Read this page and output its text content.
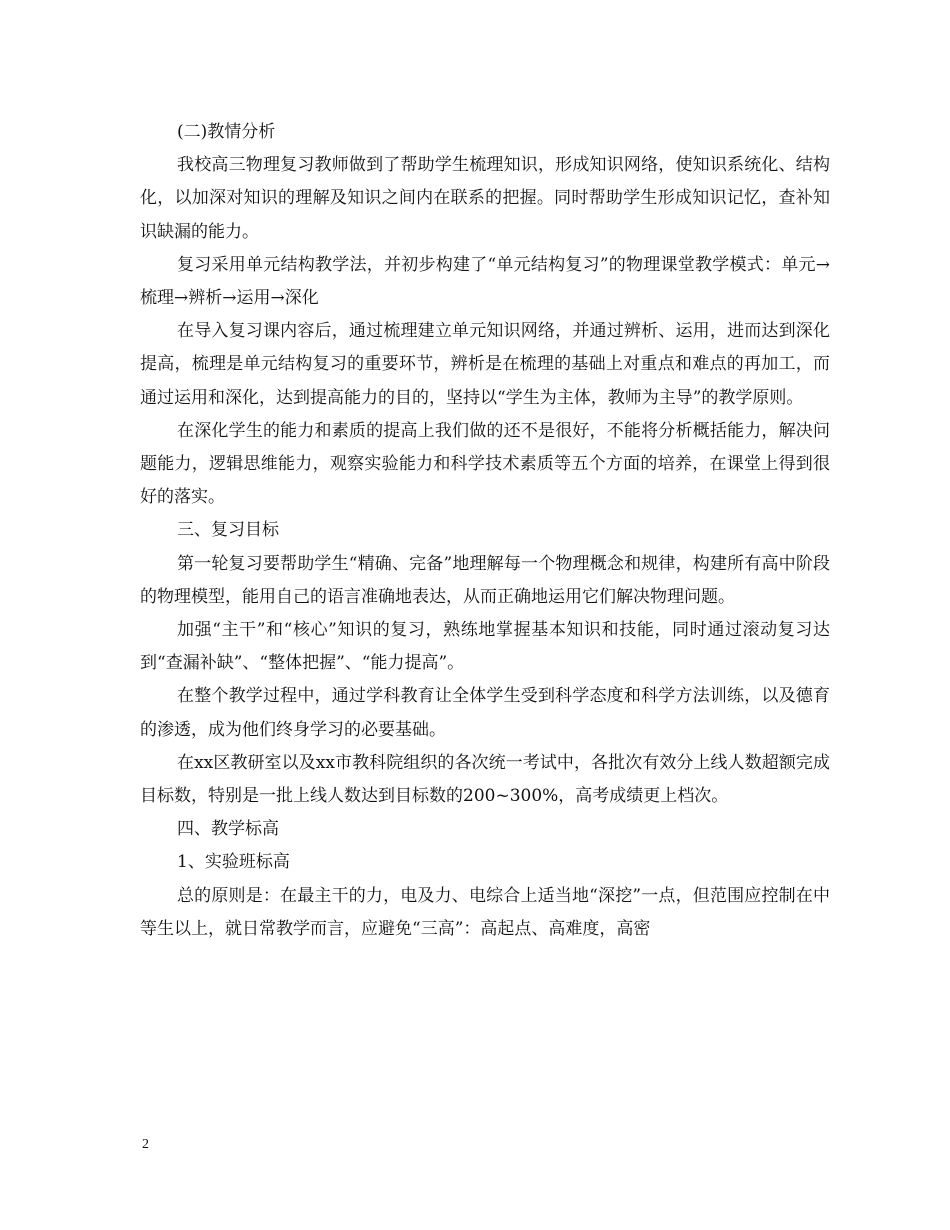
(二)教情分析

我校高三物理复习教师做到了帮助学生梳理知识，形成知识网络，使知识系统化、结构化，以加深对知识的理解及知识之间内在联系的把握。同时帮助学生形成知识记忆，查补知识缺漏的能力。

复习采用单元结构教学法，并初步构建了“单元结构复习”的物理课堂教学模式：单元→梳理→辨析→运用→深化

在导入复习课内容后，通过梳理建立单元知识网络，并通过辨析、运用，进而达到深化提高，梳理是单元结构复习的重要环节，辨析是在梳理的基础上对重点和难点的再加工，而通过运用和深化，达到提高能力的目的，坚持以“学生为主体，教师为主导”的教学原则。

在深化学生的能力和素质的提高上我们做的还不是很好，不能将分析概括能力，解决问题能力，逻辑思维能力，观察实验能力和科学技术素质等五个方面的培养，在课堂上得到很好的落实。

三、复习目标

第一轮复习要帮助学生“精确、完备”地理解每一个物理概念和规律，构建所有高中阶段的物理模型，能用自己的语言准确地表达，从而正确地运用它们解决物理问题。

加强“主干”和“核心”知识的复习，熟练地掌握基本知识和技能，同时通过滚动复习达到“查漏补缺”、“整体把握”、“能力提高”。

在整个教学过程中，通过学科教育让全体学生受到科学态度和科学方法训练，以及德育的渗透，成为他们终身学习的必要基础。

在xx区教研室以及xx市教科院组织的各次统一考试中，各批次有效分上线人数超额完成目标数，特别是一批上线人数达到目标数的200~300%，高考成绩更上档次。

四、教学标高

1、实验班标高

总的原则是：在最主干的力，电及力、电综合上适当地“深挖”一点，但范围应控制在中等生以上，就日常教学而言，应避免“三高”：高起点、高难度，高密

2
